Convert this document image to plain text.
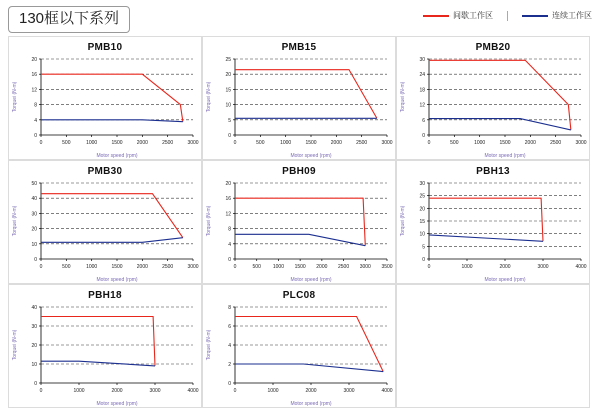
130框以下系列	间歇工作区	连续工作区
PMB10
0
4
8
12
16
20
0	500	1000	1500	2000	2500	3000
Motor speed (rpm)
Torquei (N-m)
PMB15
0
5
10
15
20
25
0	500	1000	1500	2000	2500	3000
Motor speed (rpm)
Torquei (N-m)
PMB20
0
6
12
18
24
30
0	500	1000	1500	2000	2500	3000
Motor speed (rpm)
Torquei (N-m)
PMB30
0
10
20
30
40
50
0	500	1000	1500	2000	2500	3000
Motor speed (rpm)
Torquei (N-m)
PBH09
0
4
8
12
16
20
0	500 1000 1500 2000 2500 3000 3500
Motor speed (rpm)
Torquei (N-m)
PBH13
0
5
10
15
20
25
30
0	1000	2000	3000	4000
Motor speed (rpm)
Torquei (N-m)
PBH18
0
10
20
30
40
0	1000	2000	3000	4000
Motor speed (rpm)
Torquei (N-m)
PLC08
0
2
4
6
8
0	1000	2000	3000	4000
Motor speed (rpm)
Torquei (N-m)
